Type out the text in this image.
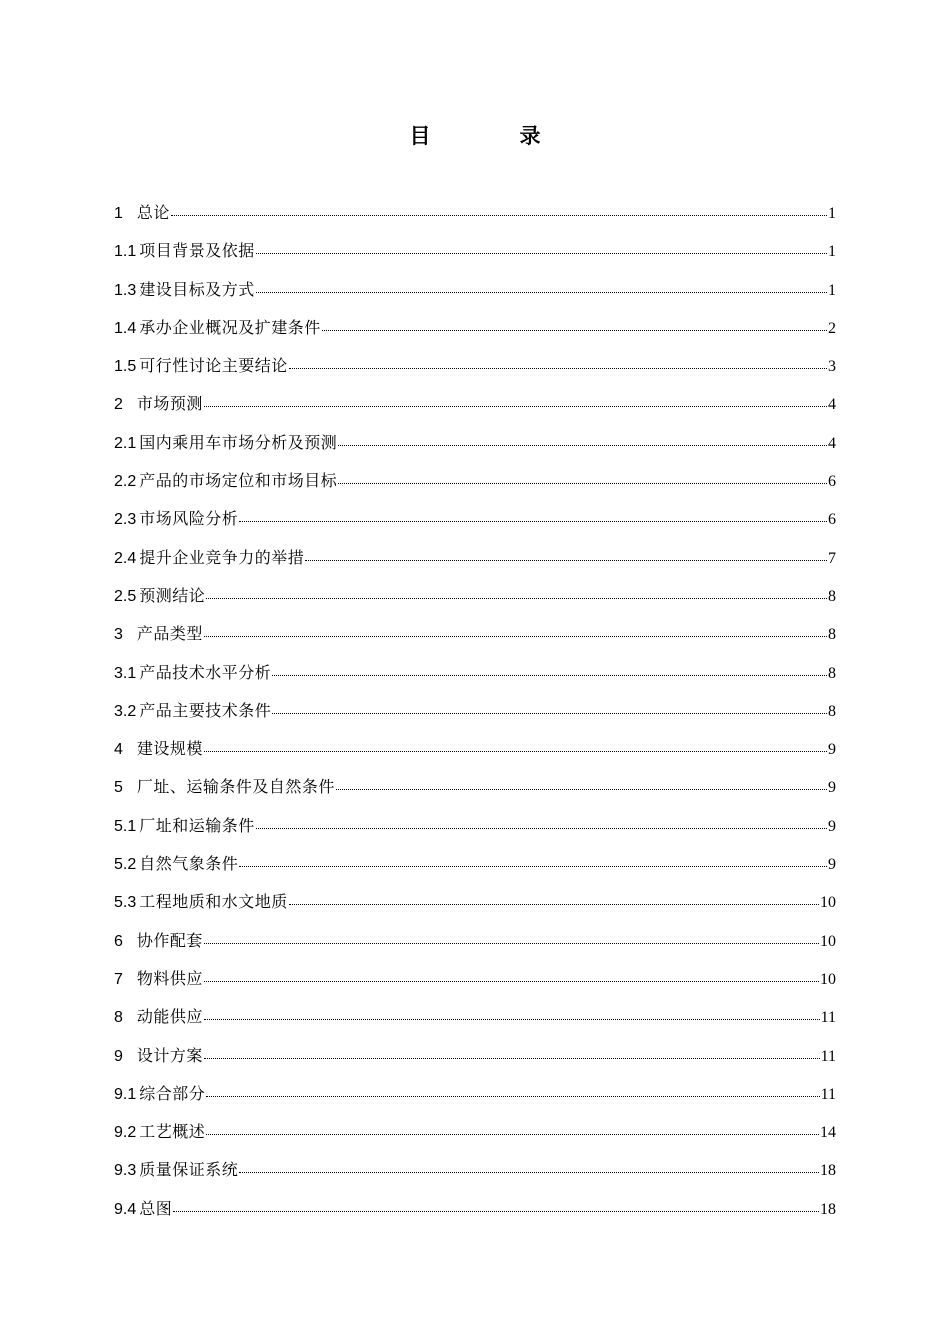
目　录
1 总论	1
1.1 项目背景及依据	1
1.3 建设目标及方式	1
1.4 承办企业概况及扩建条件	2
1.5 可行性讨论主要结论	3
2 市场预测	4
2.1 国内乘用车市场分析及预测	4
2.2 产品的市场定位和市场目标	6
2.3 市场风险分析	6
2.4 提升企业竞争力的举措	7
2.5 预测结论	8
3 产品类型	8
3.1 产品技术水平分析	8
3.2 产品主要技术条件	8
4 建设规模	9
5 厂址、运输条件及自然条件	9
5.1 厂址和运输条件	9
5.2 自然气象条件	9
5.3 工程地质和水文地质	10
6 协作配套	10
7 物料供应	10
8 动能供应	11
9 设计方案	11
9.1 综合部分	11
9.2 工艺概述	14
9.3 质量保证系统	18
9.4 总图	18
